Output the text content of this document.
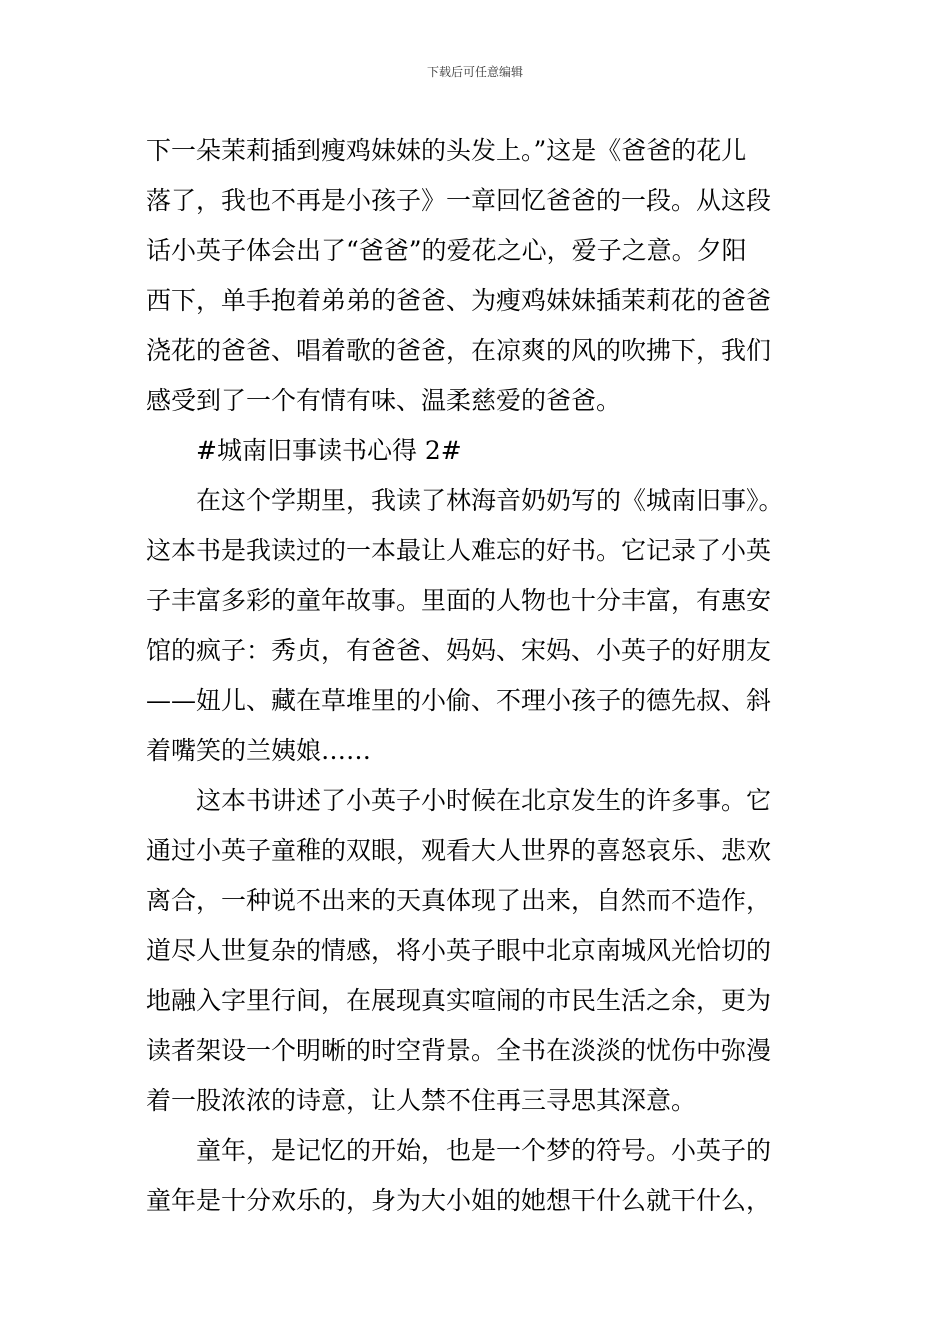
下载后可任意编辑
下一朵茉莉插到瘦鸡妹妹的头发上。”这是《爸爸的花儿
落了，我也不再是小孩子》一章回忆爸爸的一段。从这段
话小英子体会出了“爸爸”的爱花之心，爱子之意。夕阳
西下，单手抱着弟弟的爸爸、为瘦鸡妹妹插茉莉花的爸爸
浇花的爸爸、唱着歌的爸爸，在凉爽的风的吹拂下，我们
感受到了一个有情有味、温柔慈爱的爸爸。
#城南旧事读书心得 2#
在这个学期里，我读了林海音奶奶写的《城南旧事》。
这本书是我读过的一本最让人难忘的好书。它记录了小英
子丰富多彩的童年故事。里面的人物也十分丰富，有惠安
馆的疯子：秀贞，有爸爸、妈妈、宋妈、小英子的好朋友
——妞儿、藏在草堆里的小偷、不理小孩子的德先叔、斜
着嘴笑的兰姨娘……
这本书讲述了小英子小时候在北京发生的许多事。它
通过小英子童稚的双眼，观看大人世界的喜怒哀乐、悲欢
离合，一种说不出来的天真体现了出来，自然而不造作，
道尽人世复杂的情感，将小英子眼中北京南城风光恰切的
地融入字里行间，在展现真实喧闹的市民生活之余，更为
读者架设一个明晰的时空背景。全书在淡淡的忧伤中弥漫
着一股浓浓的诗意，让人禁不住再三寻思其深意。
童年，是记忆的开始，也是一个梦的符号。小英子的
童年是十分欢乐的，身为大小姐的她想干什么就干什么，
